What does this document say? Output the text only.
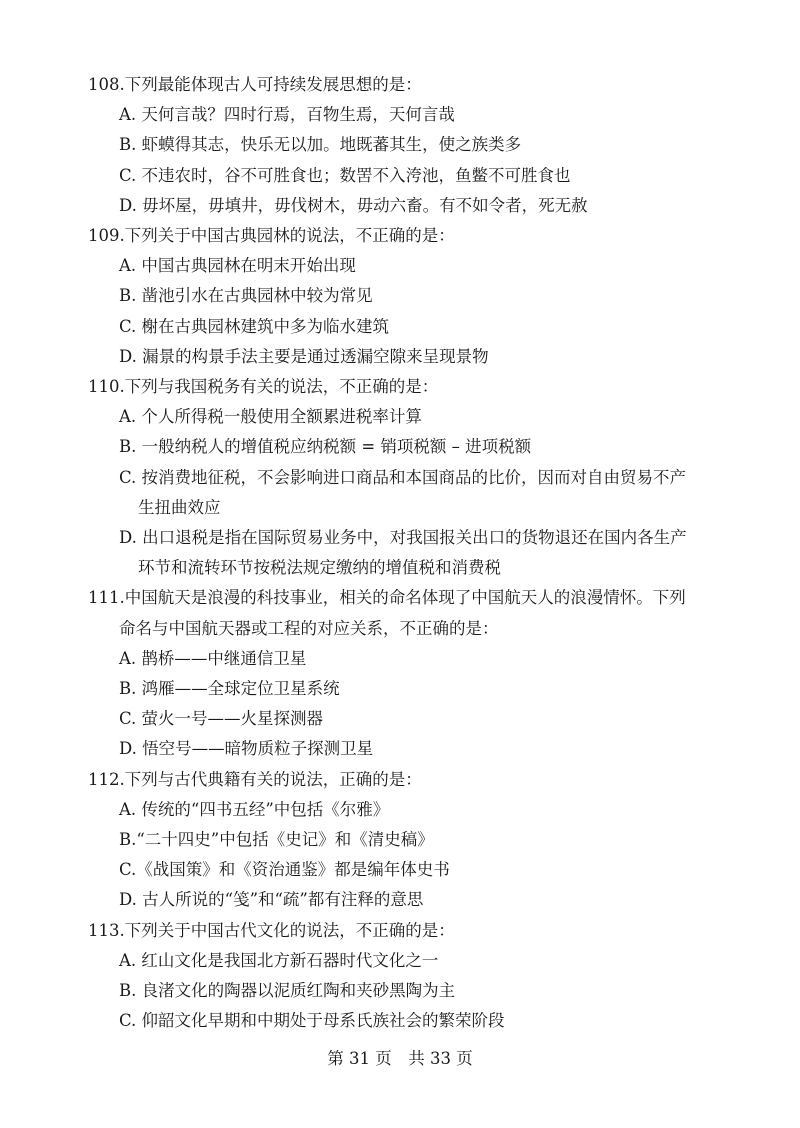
108.下列最能体现古人可持续发展思想的是：
A. 天何言哉？四时行焉，百物生焉，天何言哉
B. 虾蟆得其志，快乐无以加。地既蕃其生，使之族类多
C. 不违农时，谷不可胜食也；数罟不入洿池，鱼鳖不可胜食也
D. 毋坏屋，毋填井，毋伐树木，毋动六畜。有不如令者，死无赦
109.下列关于中国古典园林的说法，不正确的是：
A. 中国古典园林在明末开始出现
B. 凿池引水在古典园林中较为常见
C. 榭在古典园林建筑中多为临水建筑
D. 漏景的构景手法主要是通过透漏空隙来呈现景物
110.下列与我国税务有关的说法，不正确的是：
A. 个人所得税一般使用全额累进税率计算
B. 一般纳税人的增值税应纳税额 = 销项税额 – 进项税额
C. 按消费地征税，不会影响进口商品和本国商品的比价，因而对自由贸易不产
生扭曲效应
D. 出口退税是指在国际贸易业务中，对我国报关出口的货物退还在国内各生产
环节和流转环节按税法规定缴纳的增值税和消费税
111.中国航天是浪漫的科技事业，相关的命名体现了中国航天人的浪漫情怀。下列
命名与中国航天器或工程的对应关系，不正确的是：
A. 鹊桥——中继通信卫星
B. 鸿雁——全球定位卫星系统
C. 萤火一号——火星探测器
D. 悟空号——暗物质粒子探测卫星
112.下列与古代典籍有关的说法，正确的是：
A. 传统的“四书五经”中包括《尔雅》
B.“二十四史”中包括《史记》和《清史稿》
C.《战国策》和《资治通鉴》都是编年体史书
D. 古人所说的“笺”和“疏”都有注释的意思
113.下列关于中国古代文化的说法，不正确的是：
A. 红山文化是我国北方新石器时代文化之一
B. 良渚文化的陶器以泥质红陶和夹砂黑陶为主
C. 仰韶文化早期和中期处于母系氏族社会的繁荣阶段
第 31 页　共 33 页
